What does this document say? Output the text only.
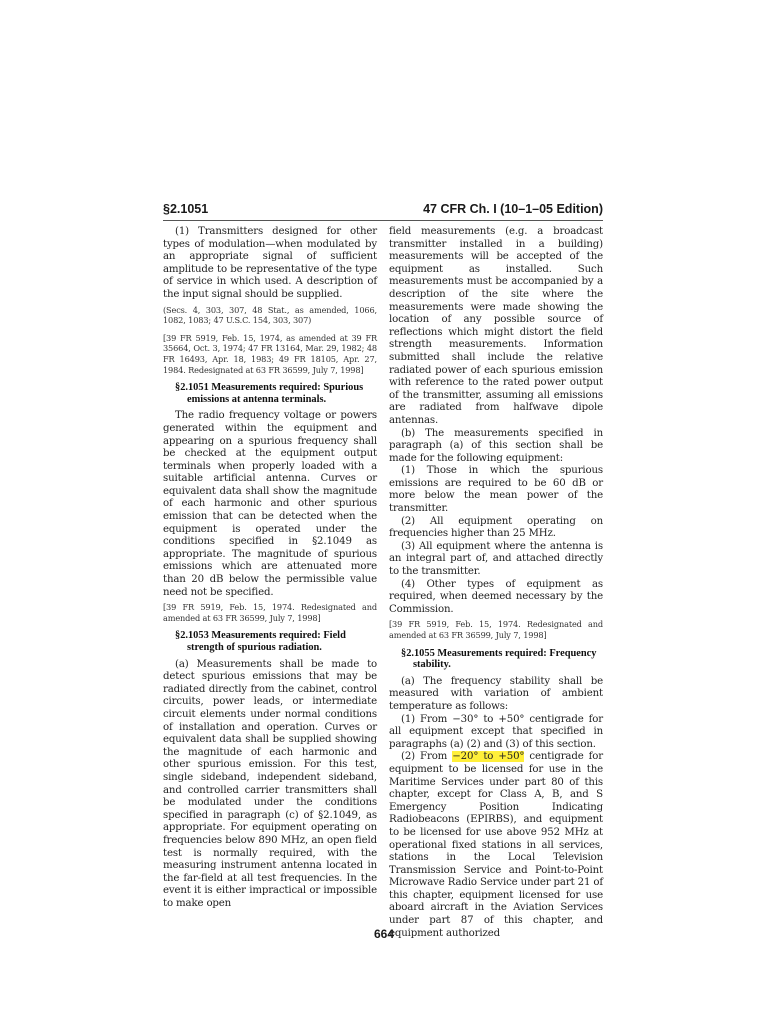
§2.1051	47 CFR Ch. I (10–1–05 Edition)

(1) Transmitters designed for other types of modulation—when modulated by an appropriate signal of sufficient amplitude to be representative of the type of service in which used. A description of the input signal should be supplied.

(Secs. 4, 303, 307, 48 Stat., as amended, 1066, 1082, 1083; 47 U.S.C. 154, 303, 307)

[39 FR 5919, Feb. 15, 1974, as amended at 39 FR 35664, Oct. 3, 1974; 47 FR 13164, Mar. 29, 1982; 48 FR 16493, Apr. 18, 1983; 49 FR 18105, Apr. 27, 1984. Redesignated at 63 FR 36599, July 7, 1998]

§2.1051 Measurements required: Spurious emissions at antenna terminals.

The radio frequency voltage or powers generated within the equipment and appearing on a spurious frequency shall be checked at the equipment output terminals when properly loaded with a suitable artificial antenna. Curves or equivalent data shall show the magnitude of each harmonic and other spurious emission that can be detected when the equipment is operated under the conditions specified in §2.1049 as appropriate. The magnitude of spurious emissions which are attenuated more than 20 dB below the permissible value need not be specified.

[39 FR 5919, Feb. 15, 1974. Redesignated and amended at 63 FR 36599, July 7, 1998]

§2.1053 Measurements required: Field strength of spurious radiation.

(a) Measurements shall be made to detect spurious emissions that may be radiated directly from the cabinet, control circuits, power leads, or intermediate circuit elements under normal conditions of installation and operation. Curves or equivalent data shall be supplied showing the magnitude of each harmonic and other spurious emission. For this test, single sideband, independent sideband, and controlled carrier transmitters shall be modulated under the conditions specified in paragraph (c) of §2.1049, as appropriate. For equipment operating on frequencies below 890 MHz, an open field test is normally required, with the measuring instrument antenna located in the far-field at all test frequencies. In the event it is either impractical or impossible to make open

field measurements (e.g. a broadcast transmitter installed in a building) measurements will be accepted of the equipment as installed. Such measurements must be accompanied by a description of the site where the measurements were made showing the location of any possible source of reflections which might distort the field strength measurements. Information submitted shall include the relative radiated power of each spurious emission with reference to the rated power output of the transmitter, assuming all emissions are radiated from halfwave dipole antennas.

(b) The measurements specified in paragraph (a) of this section shall be made for the following equipment:

(1) Those in which the spurious emissions are required to be 60 dB or more below the mean power of the transmitter.

(2) All equipment operating on frequencies higher than 25 MHz.

(3) All equipment where the antenna is an integral part of, and attached directly to the transmitter.

(4) Other types of equipment as required, when deemed necessary by the Commission.

[39 FR 5919, Feb. 15, 1974. Redesignated and amended at 63 FR 36599, July 7, 1998]

§2.1055 Measurements required: Frequency stability.

(a) The frequency stability shall be measured with variation of ambient temperature as follows:

(1) From −30° to +50° centigrade for all equipment except that specified in paragraphs (a) (2) and (3) of this section.

(2) From −20° to +50° centigrade for equipment to be licensed for use in the Maritime Services under part 80 of this chapter, except for Class A, B, and S Emergency Position Indicating Radiobeacons (EPIRBS), and equipment to be licensed for use above 952 MHz at operational fixed stations in all services, stations in the Local Television Transmission Service and Point-to-Point Microwave Radio Service under part 21 of this chapter, equipment licensed for use aboard aircraft in the Aviation Services under part 87 of this chapter, and equipment authorized

664
